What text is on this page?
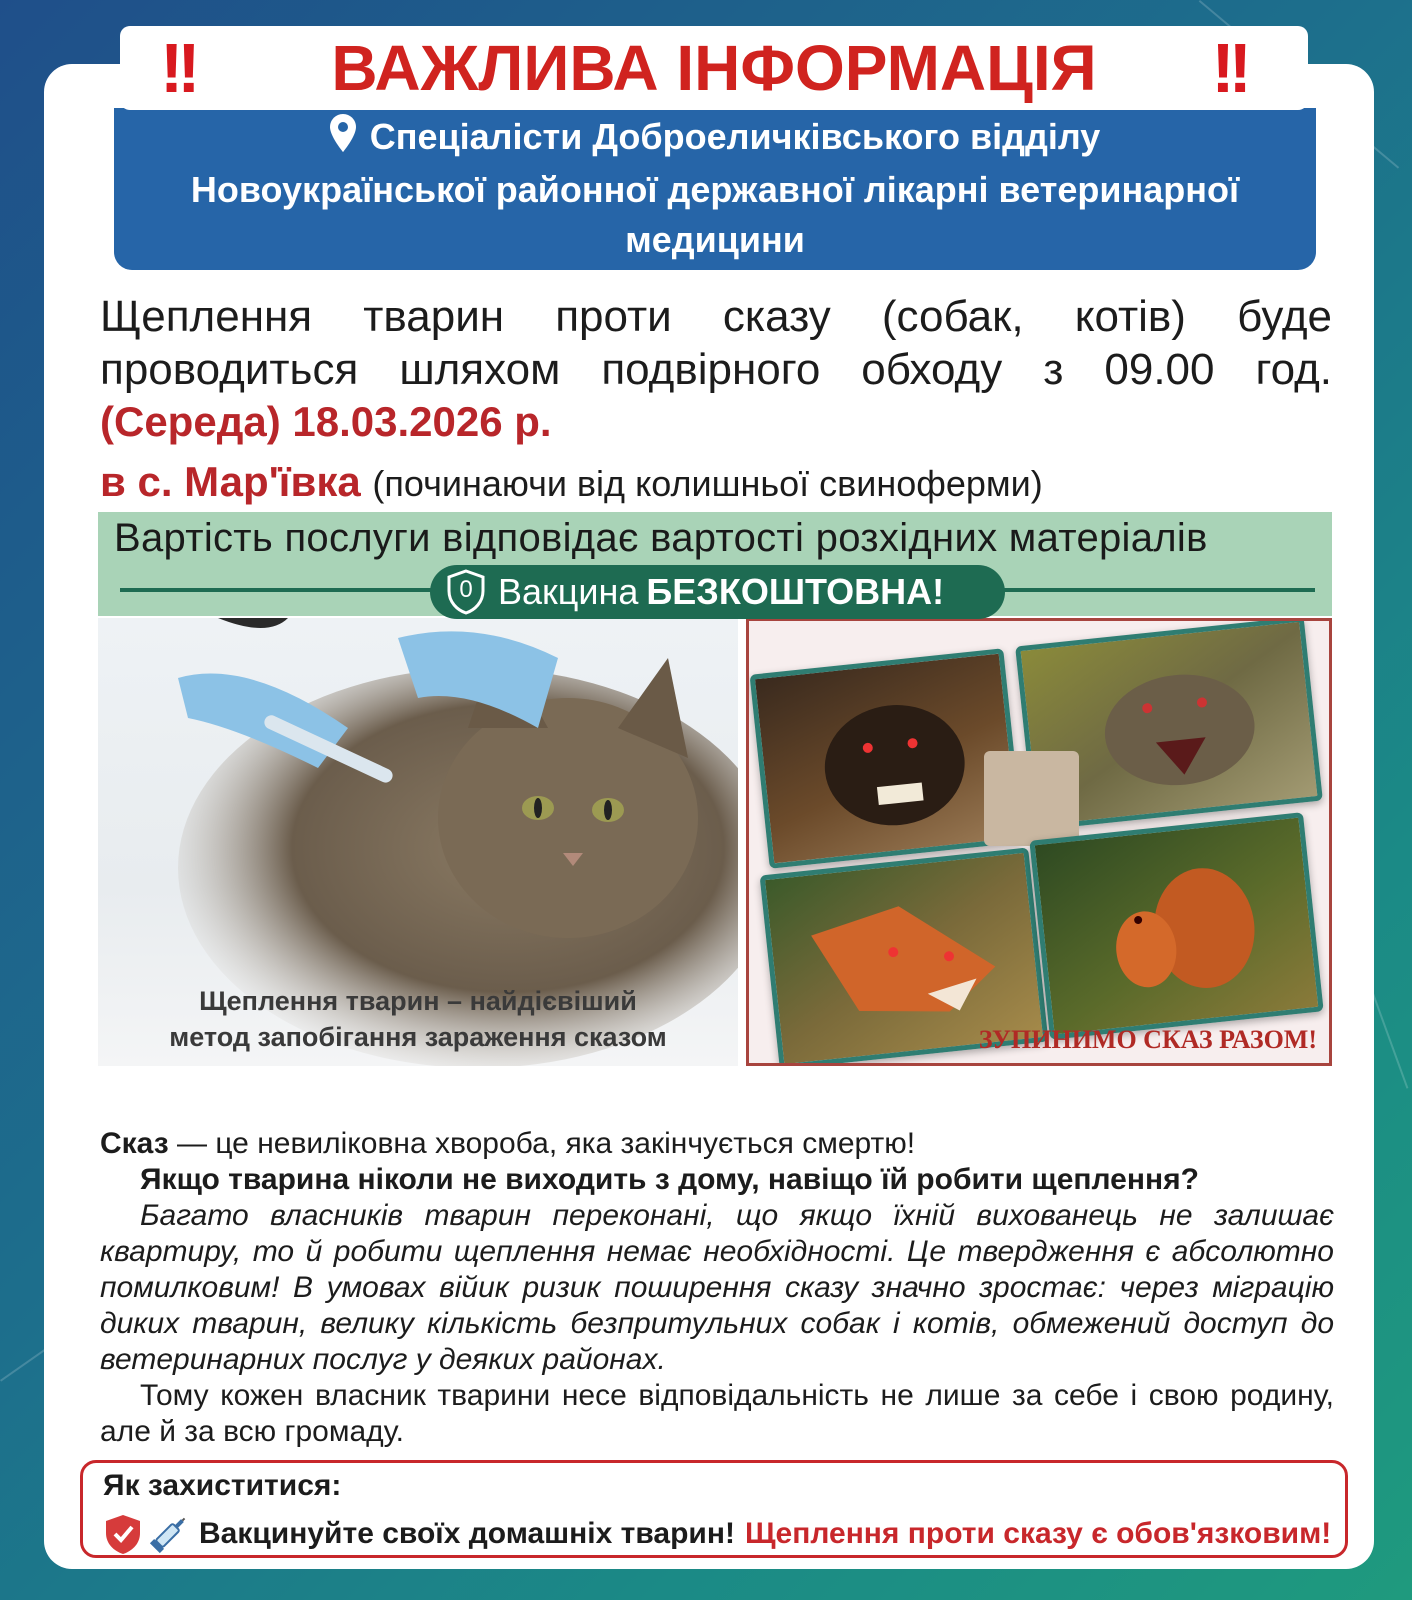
!! ВАЖЛИВА ІНФОРМАЦІЯ !!
Спеціалісти Доброеличківського відділу
Новоукраїнської районної державної лікарні ветеринарної
медицини
Щеплення тварин проти сказу (собак, котів) буде
проводиться шляхом подвірного обходу з 09.00 год.
(Середа) 18.03.2026 р.
в с. Мар'ївка (починаючи від колишньої свиноферми)
Вартість послуги відповідає вартості розхідних матеріалів
0 Вакцина БЕЗКОШТОВНА!
Щеплення тварин – найдієвіший
метод запобігання зараження сказом	ЗУПИНИМО СКАЗ РАЗОМ!

Сказ — це невиліковна хвороба, яка закінчується смертю!

Якщо тварина ніколи не виходить з дому, навіщо їй робити щеплення?

Багато власників тварин переконані, що якщо їхній вихованець не залишає квартиру, то й робити щеплення немає необхідності. Це твердження є абсолютно помилковим! В умовах війик ризик поширення сказу значно зростає: через міграцію диких тварин, велику кількість безпритульних собак і котів, обмежений доступ до ветеринарних послуг у деяких районах.

Тому кожен власник тварини несе відповідальність не лише за себе і свою родину, але й за всю громаду.

Як захиститися:
Вакцинуйте своїх домашніх тварин! Щеплення проти сказу є обов'язковим!
